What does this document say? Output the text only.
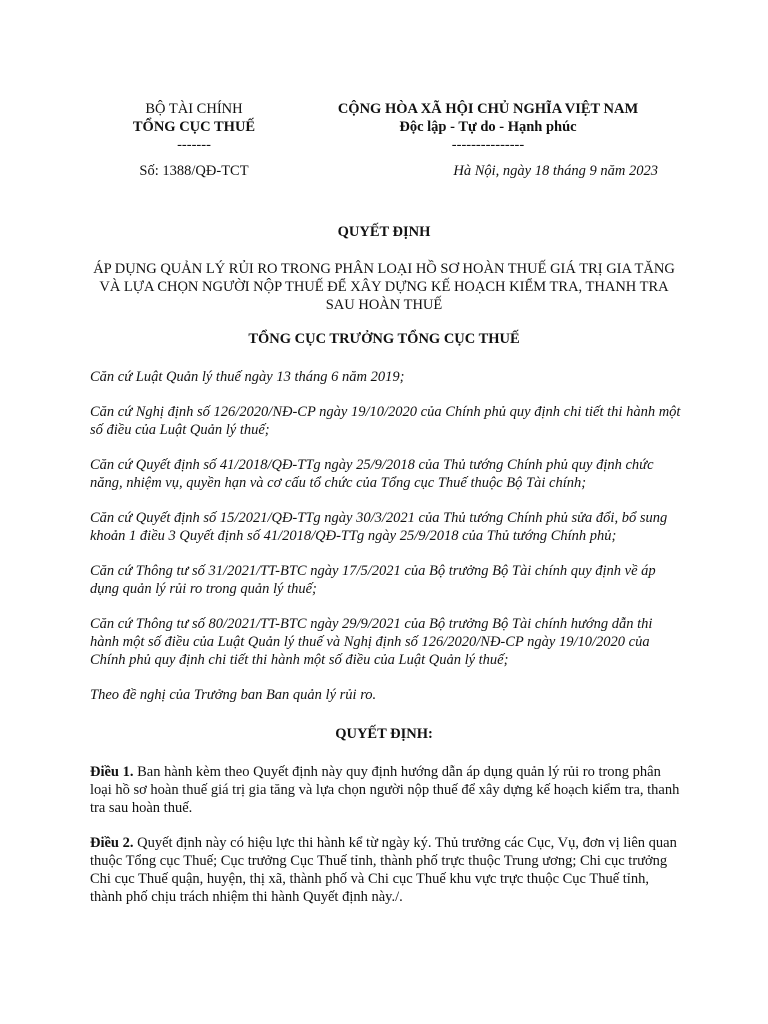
BỘ TÀI CHÍNH
TỔNG CỤC THUẾ
-------
Số: 1388/QĐ-TCT
CỘNG HÒA XÃ HỘI CHỦ NGHĨA VIỆT NAM
Độc lập - Tự do - Hạnh phúc
---------------
Hà Nội, ngày 18 tháng 9 năm 2023
QUYẾT ĐỊNH
ÁP DỤNG QUẢN LÝ RỦI RO TRONG PHÂN LOẠI HỒ SƠ HOÀN THUẾ GIÁ TRỊ GIA TĂNG VÀ LỰA CHỌN NGƯỜI NỘP THUẾ ĐỂ XÂY DỰNG KẾ HOẠCH KIỂM TRA, THANH TRA SAU HOÀN THUẾ
TỔNG CỤC TRƯỞNG TỔNG CỤC THUẾ

Căn cứ Luật Quản lý thuế ngày 13 tháng 6 năm 2019;

Căn cứ Nghị định số 126/2020/NĐ-CP ngày 19/10/2020 của Chính phủ quy định chi tiết thi hành một số điều của Luật Quản lý thuế;

Căn cứ Quyết định số 41/2018/QĐ-TTg ngày 25/9/2018 của Thủ tướng Chính phủ quy định chức năng, nhiệm vụ, quyền hạn và cơ cấu tổ chức của Tổng cục Thuế thuộc Bộ Tài chính;

Căn cứ Quyết định số 15/2021/QĐ-TTg ngày 30/3/2021 của Thủ tướng Chính phủ sửa đổi, bổ sung khoản 1 điều 3 Quyết định số 41/2018/QĐ-TTg ngày 25/9/2018 của Thủ tướng Chính phủ;

Căn cứ Thông tư số 31/2021/TT-BTC ngày 17/5/2021 của Bộ trưởng Bộ Tài chính quy định về áp dụng quản lý rủi ro trong quản lý thuế;

Căn cứ Thông tư số 80/2021/TT-BTC ngày 29/9/2021 của Bộ trưởng Bộ Tài chính hướng dẫn thi hành một số điều của Luật Quản lý thuế và Nghị định số 126/2020/NĐ-CP ngày 19/10/2020 của Chính phủ quy định chi tiết thi hành một số điều của Luật Quản lý thuế;

Theo đề nghị của Trưởng ban Ban quản lý rủi ro.

QUYẾT ĐỊNH:

Điều 1. Ban hành kèm theo Quyết định này quy định hướng dẫn áp dụng quản lý rủi ro trong phân loại hồ sơ hoàn thuế giá trị gia tăng và lựa chọn người nộp thuế để xây dựng kế hoạch kiểm tra, thanh tra sau hoàn thuế.

Điều 2. Quyết định này có hiệu lực thi hành kể từ ngày ký. Thủ trưởng các Cục, Vụ, đơn vị liên quan thuộc Tổng cục Thuế; Cục trưởng Cục Thuế tỉnh, thành phố trực thuộc Trung ương; Chi cục trưởng Chi cục Thuế quận, huyện, thị xã, thành phố và Chi cục Thuế khu vực trực thuộc Cục Thuế tỉnh, thành phố chịu trách nhiệm thi hành Quyết định này./.
